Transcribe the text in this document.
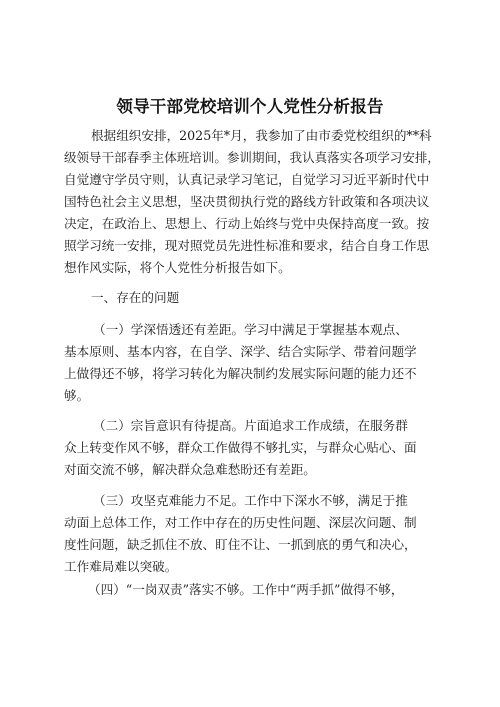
领导干部党校培训个人党性分析报告
根据组织安排，2025年*月，我参加了由市委党校组织的**科
级领导干部春季主体班培训。参训期间，我认真落实各项学习安排，
自觉遵守学员守则，认真记录学习笔记，自觉学习习近平新时代中
国特色社会主义思想，坚决贯彻执行党的路线方针政策和各项决议
决定，在政治上、思想上、行动上始终与党中央保持高度一致。按
照学习统一安排，现对照党员先进性标准和要求，结合自身工作思
想作风实际，将个人党性分析报告如下。
一、存在的问题
（一）学深悟透还有差距。学习中满足于掌握基本观点、
基本原则、基本内容，在自学、深学、结合实际学、带着问题学
上做得还不够，将学习转化为解决制约发展实际问题的能力还不
够。
（二）宗旨意识有待提高。片面追求工作成绩，在服务群
众上转变作风不够，群众工作做得不够扎实，与群众心贴心、面
对面交流不够，解决群众急难愁盼还有差距。
（三）攻坚克难能力不足。工作中下深水不够，满足于推
动面上总体工作，对工作中存在的历史性问题、深层次问题、制
度性问题，缺乏抓住不放、盯住不让、一抓到底的勇气和决心，
工作难局难以突破。
（四）“一岗双责”落实不够。工作中“两手抓”做得不够，
